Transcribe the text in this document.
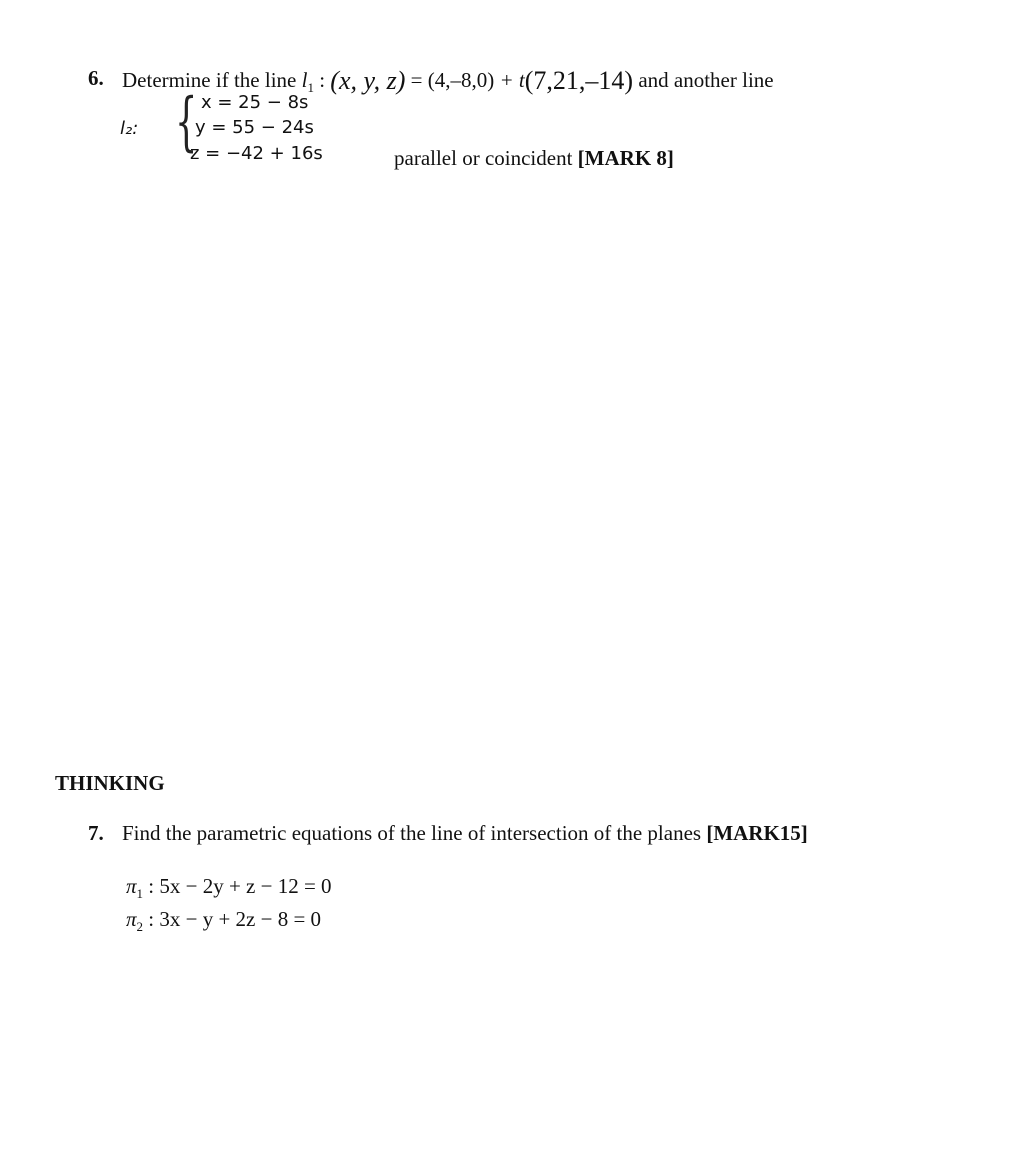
6. Determine if the line $l_1$ : (x, y, z) = (4,–8,0) + t(7,21,–14) and another line
l₂: { x = 25 − 8s
y = 55 − 24s
z = −42 + 16s	parallel or coincident [MARK 8]
THINKING
7. Find the parametric equations of the line of intersection of the planes [MARK15]
$\pi_1$ : 5x − 2y + z − 12 = 0
$\pi_2$ : 3x − y + 2z − 8 = 0
